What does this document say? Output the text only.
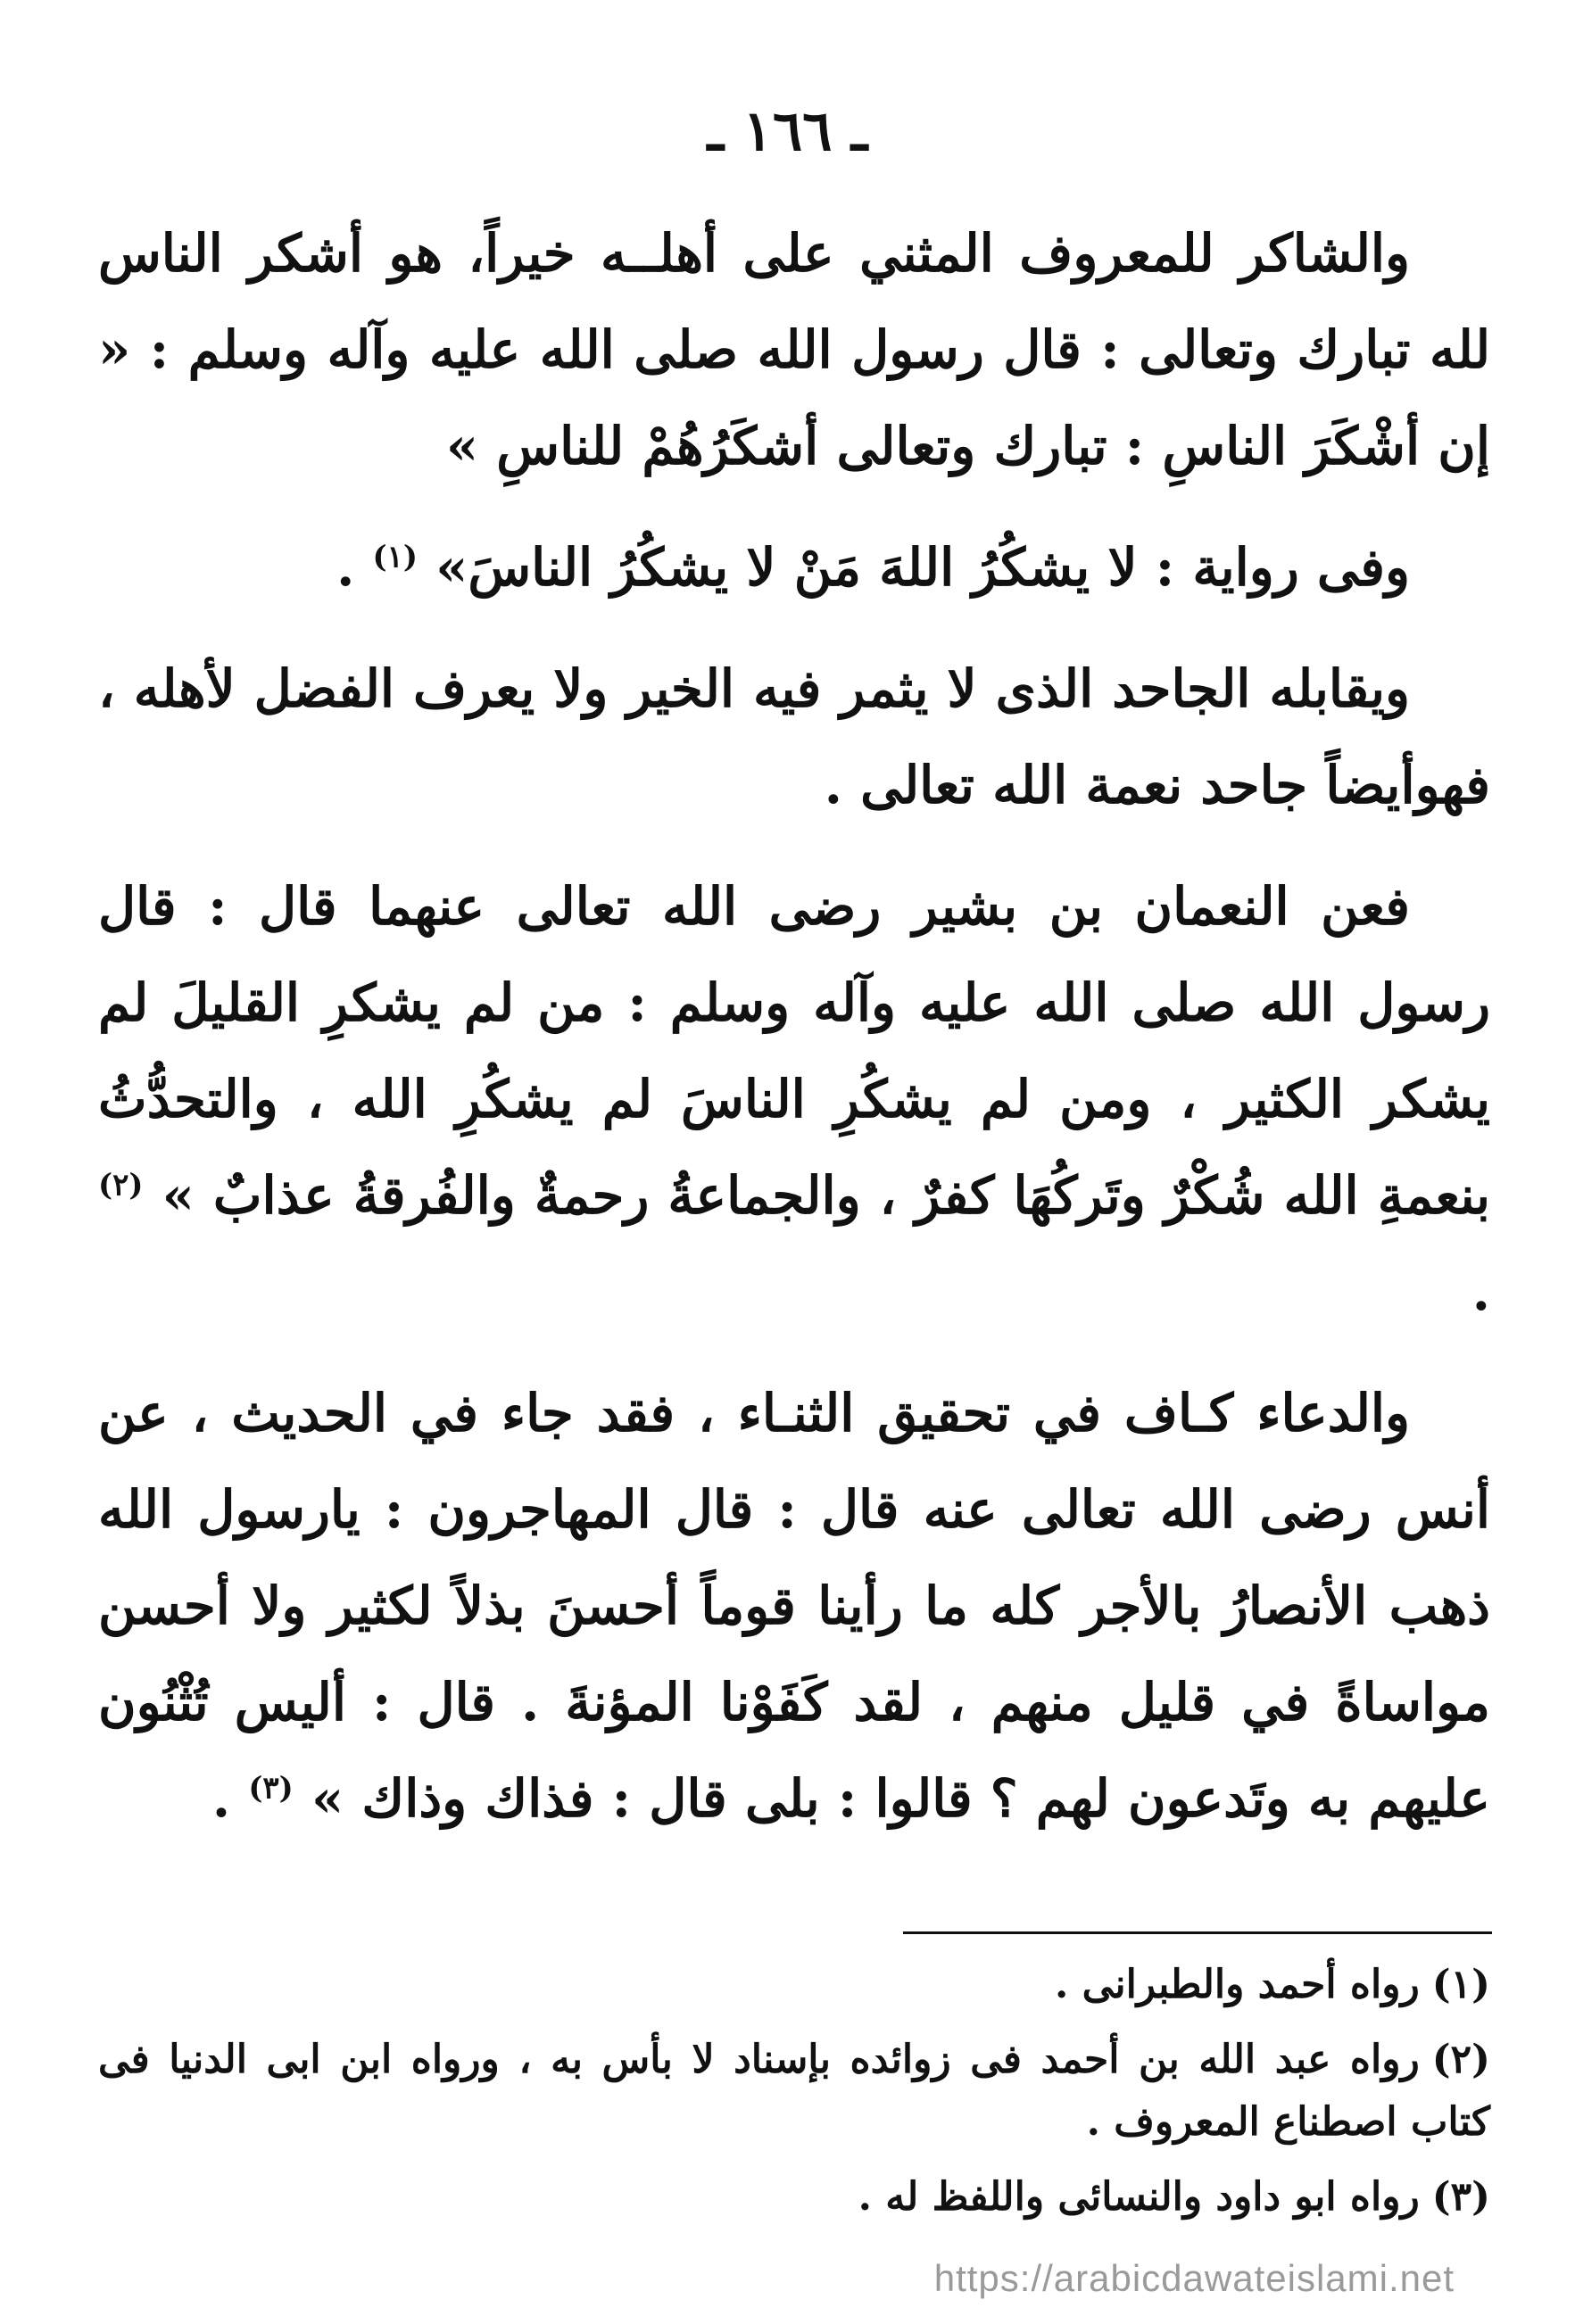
ـ ١٦٦ ـ

والشاكر للمعروف المثني على أهلــه خيراً، هو أشكر الناس لله تبارك وتعالى : قال رسول الله صلى الله عليه وآله وسلم : « إن أشْكَرَ الناسِ : تبارك وتعالى أشكَرُهُمْ للناسِ »

وفى رواية : لا يشكُرُ اللهَ مَنْ لا يشكُرُ الناسَ» $^{(١)}$ .

ويقابله الجاحد الذى لا يثمر فيه الخير ولا يعرف الفضل لأهله ، فهوأيضاً جاحد نعمة الله تعالى .

فعن النعمان بن بشير رضى الله تعالى عنهما قال : قال رسول الله صلى الله عليه وآله وسلم : من لم يشكرِ القليلَ لم يشكر الكثير ، ومن لم يشكُرِ الناسَ لم يشكُرِ الله ، والتحدُّثُ بنعمةِ الله شُكْرٌ وتَركُهَا كفرٌ ، والجماعةُ رحمةٌ والفُرقةُ عذابٌ » $^{(٢)}$ .

والدعاء كـاف في تحقيق الثنـاء ، فقد جاء في الحديث ، عن أنس رضى الله تعالى عنه قال : قال المهاجرون : يارسول الله ذهب الأنصارُ بالأجر كله ما رأينا قوماً أحسنَ بذلاً لكثير ولا أحسن مواساةً في قليل منهم ، لقد كَفَوْنا المؤنةَ . قال : أليس تُثْنُون عليهم به وتَدعون لهم ؟ قالوا : بلى قال : فذاك وذاك » $^{(٣)}$ .

(١)رواه أحمد والطبرانى .

(٢)رواه عبد الله بن أحمد فى زوائده بإسناد لا بأس به ، ورواه ابن ابى الدنيا فى كتاب اصطناع المعروف .

(٣)رواه ابو داود والنسائى واللفظ له .

https://arabicdawateislami.net
